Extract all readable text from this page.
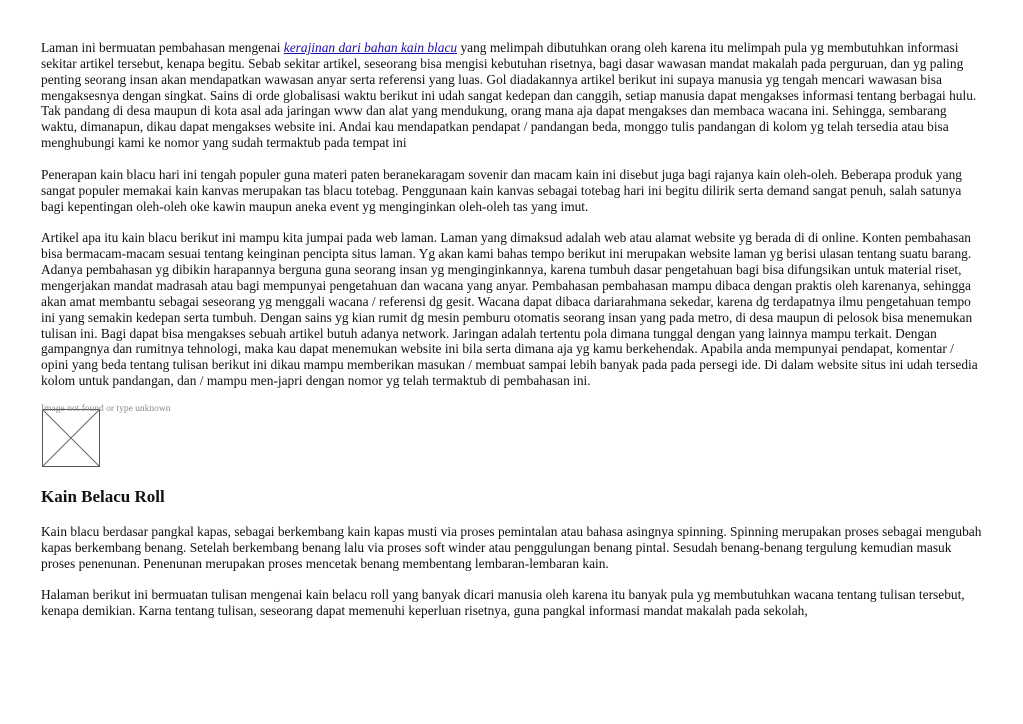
Laman ini bermuatan pembahasan mengenai kerajinan dari bahan kain blacu yang melimpah dibutuhkan orang oleh karena itu melimpah pula yg membutuhkan informasi sekitar artikel tersebut, kenapa begitu. Sebab sekitar artikel, seseorang bisa mengisi kebutuhan risetnya, bagi dasar wawasan mandat makalah pada perguruan, dan yg paling penting seorang insan akan mendapatkan wawasan anyar serta referensi yang luas. Gol diadakannya artikel berikut ini supaya manusia yg tengah mencari wawasan bisa mengaksesnya dengan singkat. Sains di orde globalisasi waktu berikut ini udah sangat kedepan dan canggih, setiap manusia dapat mengakses informasi tentang berbagai hulu. Tak pandang di desa maupun di kota asal ada jaringan www dan alat yang mendukung, orang mana aja dapat mengakses dan membaca wacana ini. Sehingga, sembarang waktu, dimanapun, dikau dapat mengakses website ini. Andai kau mendapatkan pendapat / pandangan beda, monggo tulis pandangan di kolom yg telah tersedia atau bisa menghubungi kami ke nomor yang sudah termaktub pada tempat ini

Penerapan kain blacu hari ini tengah populer guna materi paten beranekaragam sovenir dan macam kain ini disebut juga bagi rajanya kain oleh-oleh. Beberapa produk yang sangat populer memakai kain kanvas merupakan tas blacu totebag. Penggunaan kain kanvas sebagai totebag hari ini begitu dilirik serta demand sangat penuh, salah satunya bagi kepentingan oleh-oleh oke kawin maupun aneka event yg menginginkan oleh-oleh tas yang imut.

Artikel apa itu kain blacu berikut ini mampu kita jumpai pada web laman. Laman yang dimaksud adalah web atau alamat website yg berada di di online. Konten pembahasan bisa bermacam-macam sesuai tentang keinginan pencipta situs laman. Yg akan kami bahas tempo berikut ini merupakan website laman yg berisi ulasan tentang suatu barang. Adanya pembahasan yg dibikin harapannya berguna guna seorang insan yg menginginkannya, karena tumbuh dasar pengetahuan bagi bisa difungsikan untuk material riset, mengerjakan mandat madrasah atau bagi mempunyai pengetahuan dan wacana yang anyar. Pembahasan pembahasan mampu dibaca dengan praktis oleh karenanya, sehingga akan amat membantu sebagai seseorang yg menggali wacana / referensi dg gesit. Wacana dapat dibaca dariarahmana sekedar, karena dg terdapatnya ilmu pengetahuan tempo ini yang semakin kedepan serta tumbuh. Dengan sains yg kian rumit dg mesin pemburu otomatis seorang insan yang pada metro, di desa maupun di pelosok bisa menemukan tulisan ini. Bagi dapat bisa mengakses sebuah artikel butuh adanya network. Jaringan adalah tertentu pola dimana tunggal dengan yang lainnya mampu terkait. Dengan gampangnya dan rumitnya tehnologi, maka kau dapat menemukan website ini bila serta dimana aja yg kamu berkehendak. Apabila anda mempunyai pendapat, komentar / opini yang beda tentang tulisan berikut ini dikau mampu memberikan masukan / membuat sampai lebih banyak pada pada persegi ide. Di dalam website situs ini udah tersedia kolom untuk pandangan, dan / mampu men-japri dengan nomor yg telah termaktub di pembahasan ini.

Image not found or type unknown
Kain Belacu Roll

Kain blacu berdasar pangkal kapas, sebagai berkembang kain kapas musti via proses pemintalan atau bahasa asingnya spinning. Spinning merupakan proses sebagai mengubah kapas berkembang benang. Setelah berkembang benang lalu via proses soft winder atau penggulungan benang pintal. Sesudah benang-benang tergulung kemudian masuk proses penenunan. Penenunan merupakan proses mencetak benang membentang lembaran-lembaran kain.

Halaman berikut ini bermuatan tulisan mengenai kain belacu roll yang banyak dicari manusia oleh karena itu banyak pula yg membutuhkan wacana tentang tulisan tersebut, kenapa demikian. Karna tentang tulisan, seseorang dapat memenuhi keperluan risetnya, guna pangkal informasi mandat makalah pada sekolah,
